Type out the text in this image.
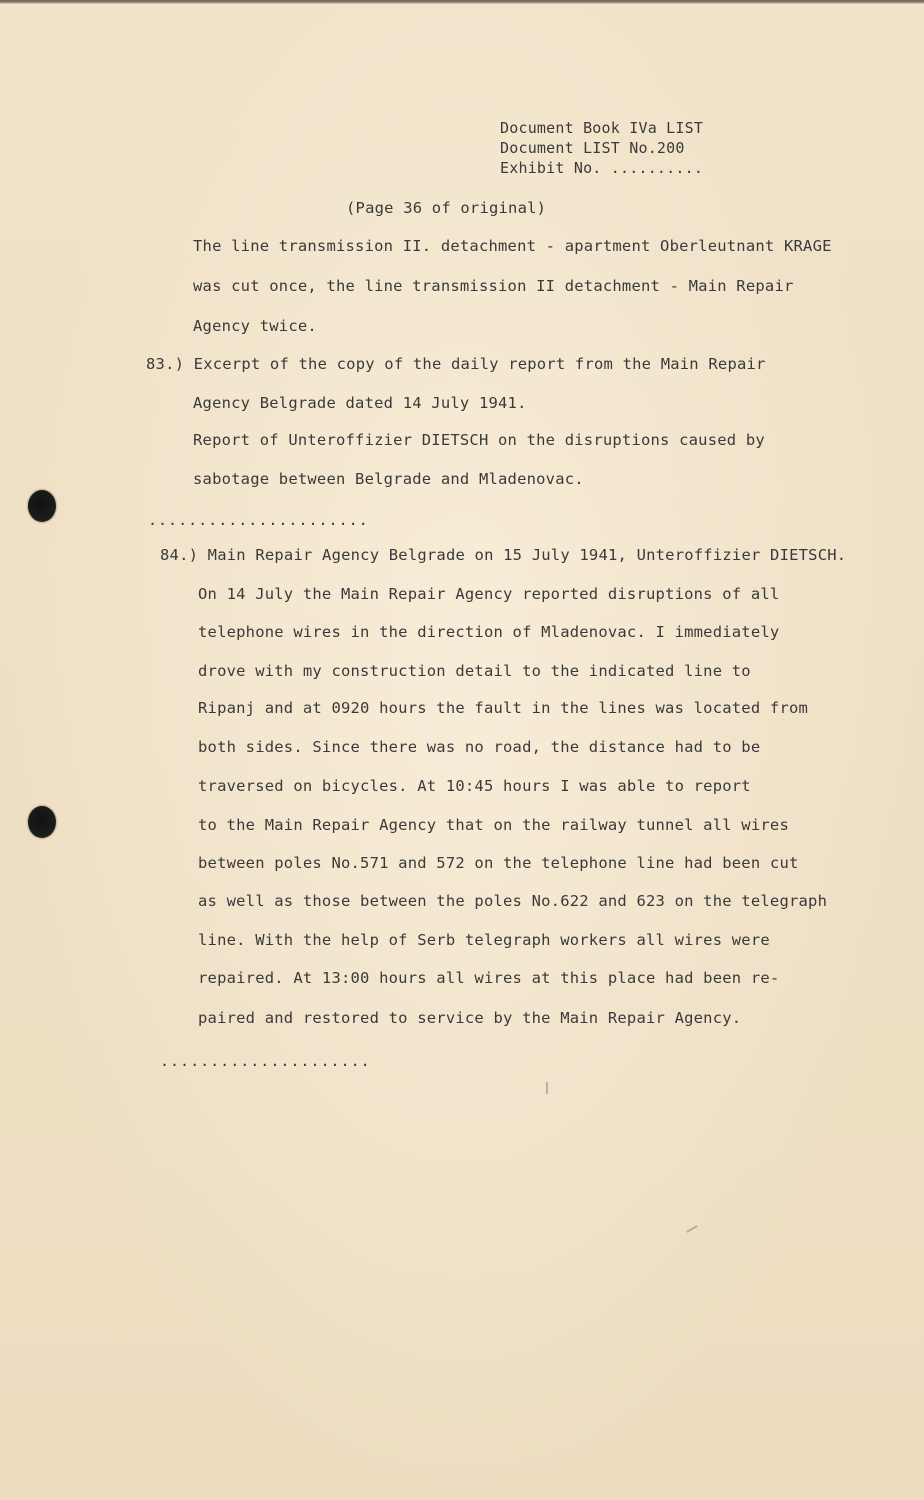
Document Book IVa LIST
Document LIST No.200
Exhibit No. ..........
(Page 36 of original)
The line transmission II. detachment - apartment Oberleutnant KRAGE
was cut once, the line transmission II detachment - Main Repair
Agency twice.
83.) Excerpt of the copy of the daily report from the Main Repair
Agency Belgrade dated 14 July 1941.
Report of Unteroffizier DIETSCH on the disruptions caused by
sabotage between Belgrade and Mladenovac.
......................
84.) Main Repair Agency Belgrade on 15 July 1941, Unteroffizier DIETSCH.
On 14 July the Main Repair Agency reported disruptions of all
telephone wires in the direction of Mladenovac. I immediately
drove with my construction detail to the indicated line to
Ripanj and at 0920 hours the fault in the lines was located from
both sides. Since there was no road, the distance had to be
traversed on bicycles. At 10:45 hours I was able to report
to the Main Repair Agency that on the railway tunnel all wires
between poles No.571 and 572 on the telephone line had been cut
as well as those between the poles No.622 and 623 on the telegraph
line. With the help of Serb telegraph workers all wires were
repaired. At 13:00 hours all wires at this place had been re-
paired and restored to service by the Main Repair Agency.
.....................
